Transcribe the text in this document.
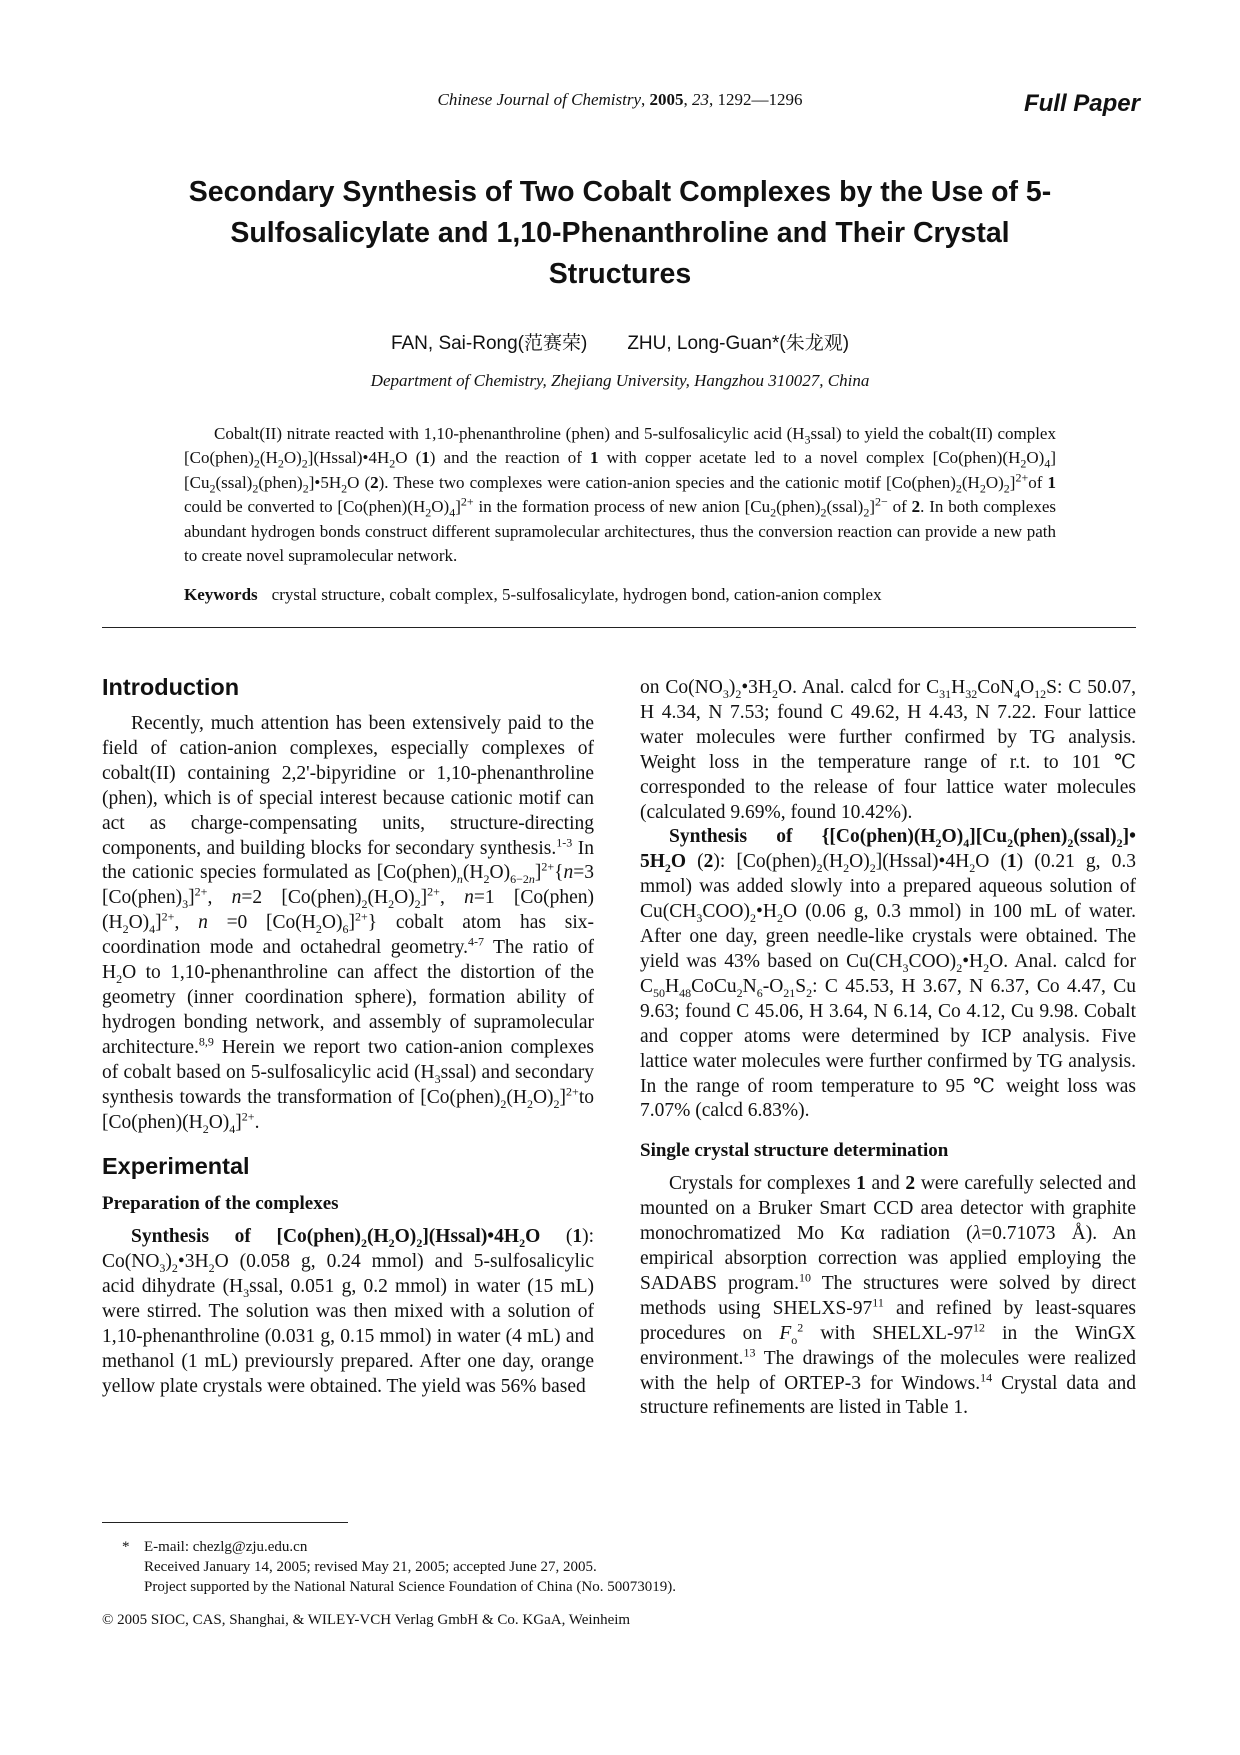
Chinese Journal of Chemistry, 2005, 23, 1292—1296	Full Paper
Secondary Synthesis of Two Cobalt Complexes by the Use of 5-Sulfosalicylate and 1,10-Phenanthroline and Their Crystal Structures
FAN, Sai-Rong(范赛荣) ZHU, Long-Guan*(朱龙观)
Department of Chemistry, Zhejiang University, Hangzhou 310027, China
Cobalt(II) nitrate reacted with 1,10-phenanthroline (phen) and 5-sulfosalicylic acid $(H_3ssal)$ to yield the cobalt(II) complex $[Co(phen)_2(H_2O)_2](Hssal)•4H_2O$ (1) and the reaction of 1 with copper acetate led to a novel complex $[Co(phen)(H_2O)_4][Cu_2(ssal)_2(phen)_2]•5H_2O$ (2). These two complexes were cation-anion species and the cationic motif $[Co(phen)_2(H_2O)_2]^{2+}of$ 1 could be converted to $[Co(phen)(H_2O)_4]^{2+}$ in the formation process of new anion $[Cu_2(phen)_2(ssal)_2]^{2-}$ of 2. In both complexes abundant hydrogen bonds construct different supramolecular architectures, thus the conversion reaction can provide a new path to create novel supramolecular network.
Keywords crystal structure, cobalt complex, 5-sulfosalicylate, hydrogen bond, cation-anion complex
Introduction

Recently, much attention has been extensively paid to the field of cation-anion complexes, especially complexes of cobalt(II) containing 2,2'-bipyridine or 1,10-phenanthroline (phen), which is of special interest because cationic motif can act as charge-compensating units, structure-directing components, and building blocks for secondary synthesis.$^{1-3}$ In the cationic species formulated as $[Co(phen)_n(H_2O)_{6-2n}]^{2+}\{n=3$ $[Co(phen)_3]^{2+}$, n=2 $[Co(phen)_2(H_2O)_2]^{2+}$, n=1 $[Co(phen)(H_2O)_4]^{2+}$, n =0 $[Co(H_2O)_6]^{2+}$} cobalt atom has six-coordination mode and octahedral geometry.$^{4-7}$ The ratio of $H_2O$ to 1,10-phenanthroline can affect the distortion of the geometry (inner coordination sphere), formation ability of hydrogen bonding network, and assembly of supramolecular architecture.$^{8,9}$ Herein we report two cation-anion complexes of cobalt based on 5-sulfosalicylic acid $(H_3ssal)$ and secondary synthesis towards the transformation of $[Co(phen)_2(H_2O)_2]^{2+}to$ $[Co(phen)(H_2O)_4]^{2+}$.

Experimental
Preparation of the complexes

Synthesis of $[Co(phen)_2(H_2O)_2](Hssal)•4H_2O$ (1): $Co(NO_3)_2•3H_2O$ (0.058 g, 0.24 mmol) and 5-sulfosalicylic acid dihydrate ($H_3ssal$, 0.051 g, 0.2 mmol) in water (15 mL) were stirred. The solution was then mixed with a solution of 1,10-phenanthroline (0.031 g, 0.15 mmol) in water (4 mL) and methanol (1 mL) previoursly prepared. After one day, orange yellow plate crystals were obtained. The yield was 56% based

on $Co(NO_3)_2•3H_2O$. Anal. calcd for $C_{31}H_{32}CoN_4O_{12}S$: C 50.07, H 4.34, N 7.53; found C 49.62, H 4.43, N 7.22. Four lattice water molecules were further confirmed by TG analysis. Weight loss in the temperature range of r.t. to 101 ℃ corresponded to the release of four lattice water molecules (calculated 9.69%, found 10.42%).

Synthesis of {$[Co(phen)(H_2O)_4][Cu_2(phen)_2(ssal)_2]•$ $5H_2O$ (2): $[Co(phen)_2(H_2O)_2](Hssal)•4H_2O$ (1) (0.21 g, 0.3 mmol) was added slowly into a prepared aqueous solution of $Cu(CH_3COO)_2•H_2O$ (0.06 g, 0.3 mmol) in 100 mL of water. After one day, green needle-like crystals were obtained. The yield was 43% based on $Cu(CH_3COO)_2•H_2O$. Anal. calcd for $C_{50}H_{48}CoCu_2N_6-O_{21}S_2$: C 45.53, H 3.67, N 6.37, Co 4.47, Cu 9.63; found C 45.06, H 3.64, N 6.14, Co 4.12, Cu 9.98. Cobalt and copper atoms were determined by ICP analysis. Five lattice water molecules were further confirmed by TG analysis. In the range of room temperature to 95 ℃ weight loss was 7.07% (calcd 6.83%).

Single crystal structure determination

Crystals for complexes 1 and 2 were carefully selected and mounted on a Bruker Smart CCD area detector with graphite monochromatized Mo Kα radiation (λ=0.71073 Å). An empirical absorption correction was applied employing the SADABS program.$^{10}$ The structures were solved by direct methods using SHELXS-$97^{11}$ and refined by least-squares procedures on $F_o^2$ with SHELXL-$97^{12}$ in the WinGX environment.$^{13}$ The drawings of the molecules were realized with the help of ORTEP-3 for Windows.$^{14}$ Crystal data and structure refinements are listed in Table 1.

* E-mail: chezlg@zju.edu.cn
Received January 14, 2005; revised May 21, 2005; accepted June 27, 2005.
Project supported by the National Natural Science Foundation of China (No. 50073019).
© 2005 SIOC, CAS, Shanghai, & WILEY-VCH Verlag GmbH & Co. KGaA, Weinheim
